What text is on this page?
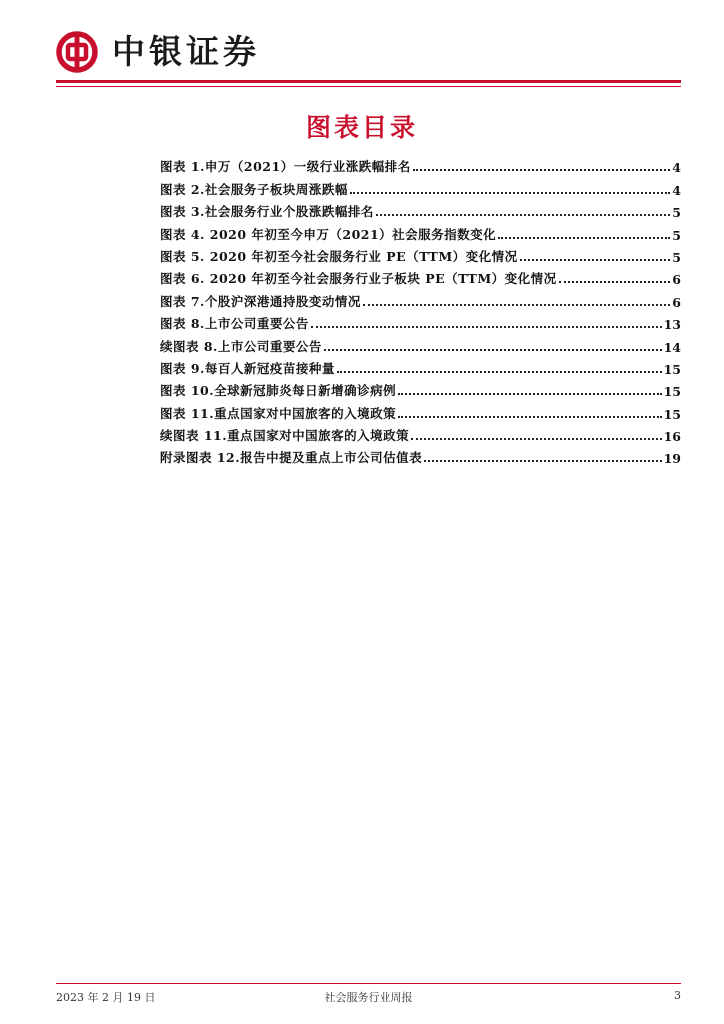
中银证券
图表目录
图表 1.申万（2021）一级行业涨跌幅排名	4
图表 2.社会服务子板块周涨跌幅	4
图表 3.社会服务行业个股涨跌幅排名	5
图表 4. 2020 年初至今申万（2021）社会服务指数变化	5
图表 5. 2020 年初至今社会服务行业 PE（TTM）变化情况	5
图表 6. 2020 年初至今社会服务行业子板块 PE（TTM）变化情况	6
图表 7.个股沪深港通持股变动情况	6
图表 8.上市公司重要公告	13
续图表 8.上市公司重要公告	14
图表 9.每百人新冠疫苗接种量	15
图表 10.全球新冠肺炎每日新增确诊病例	15
图表 11.重点国家对中国旅客的入境政策	15
续图表 11.重点国家对中国旅客的入境政策	16
附录图表 12.报告中提及重点上市公司估值表	19
2023 年 2 月 19 日	社会服务行业周报	3
